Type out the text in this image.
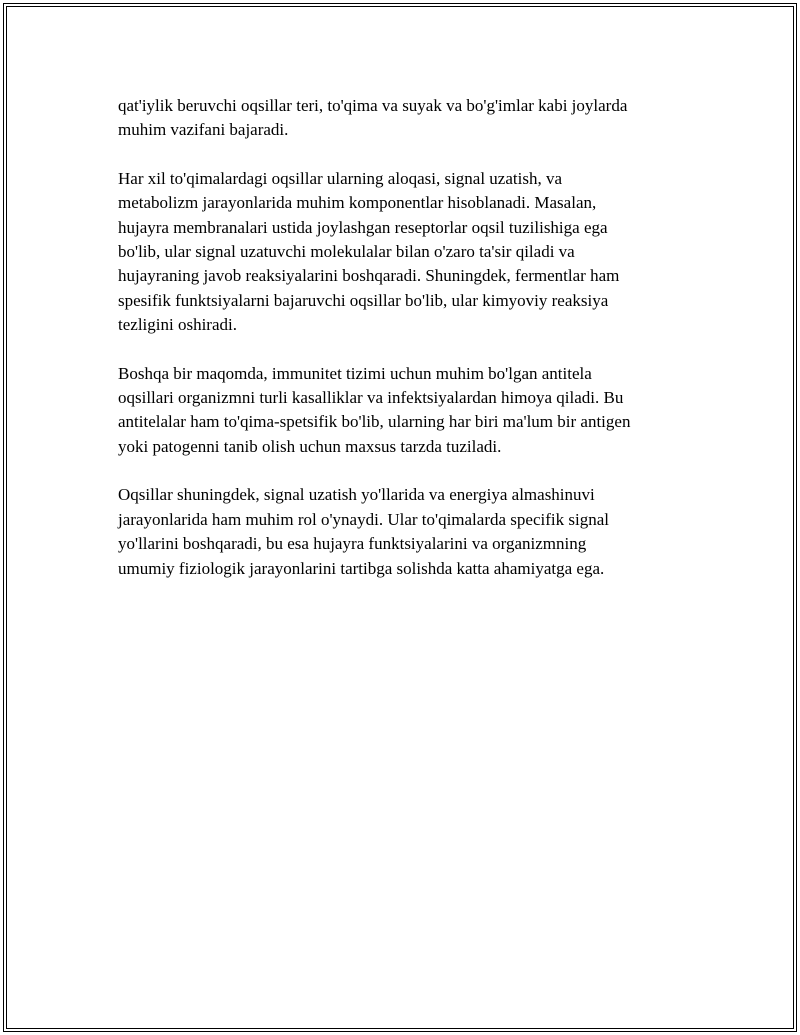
qat'iylik beruvchi oqsillar teri, to'qima va suyak va bo'g'imlar kabi joylarda
muhim vazifani bajaradi.

Har xil to'qimalardagi oqsillar ularning aloqasi, signal uzatish, va
metabolizm jarayonlarida muhim komponentlar hisoblanadi. Masalan,
hujayra membranalari ustida joylashgan reseptorlar oqsil tuzilishiga ega
bo'lib, ular signal uzatuvchi molekulalar bilan o'zaro ta'sir qiladi va
hujayraning javob reaksiyalarini boshqaradi. Shuningdek, fermentlar ham
spesifik funktsiyalarni bajaruvchi oqsillar bo'lib, ular kimyoviy reaksiya
tezligini oshiradi.

Boshqa bir maqomda, immunitet tizimi uchun muhim bo'lgan antitela
oqsillari organizmni turli kasalliklar va infektsiyalardan himoya qiladi. Bu
antitelalar ham to'qima-spetsifik bo'lib, ularning har biri ma'lum bir antigen
yoki patogenni tanib olish uchun maxsus tarzda tuziladi.

Oqsillar shuningdek, signal uzatish yo'llarida va energiya almashinuvi
jarayonlarida ham muhim rol o'ynaydi. Ular to'qimalarda specifik signal
yo'llarini boshqaradi, bu esa hujayra funktsiyalarini va organizmning
umumiy fiziologik jarayonlarini tartibga solishda katta ahamiyatga ega.
